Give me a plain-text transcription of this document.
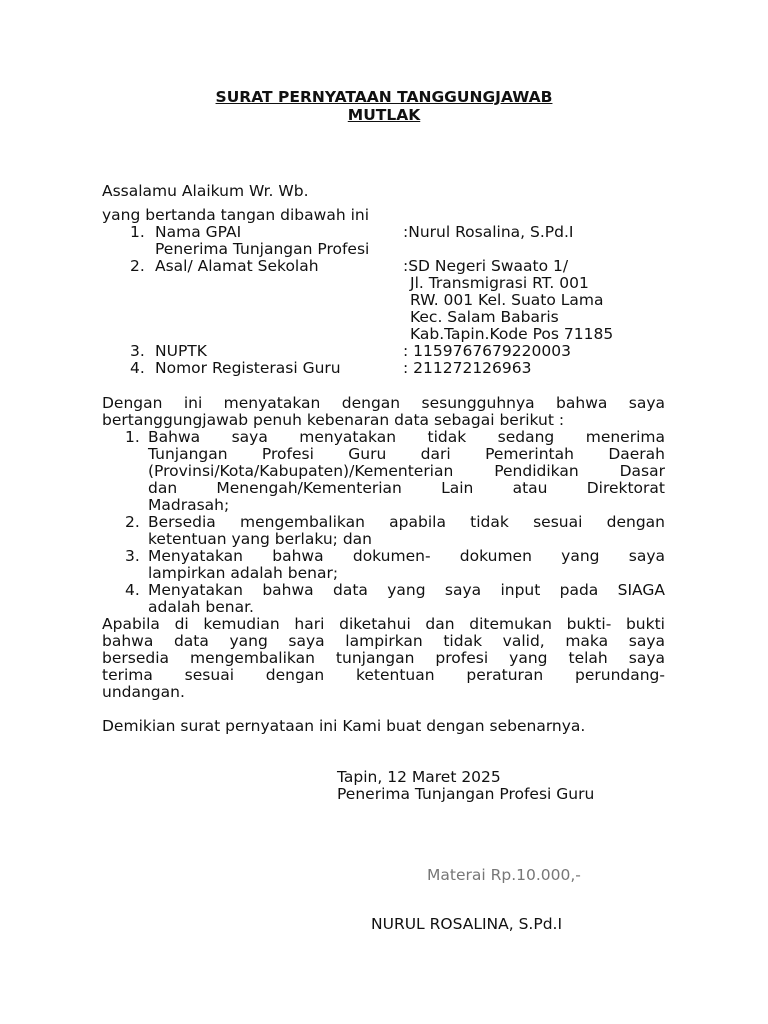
SURAT PERNYATAAN TANGGUNGJAWAB
MUTLAK
Assalamu Alaikum Wr. Wb.
yang bertanda tangan dibawah ini
1. Nama GPAI	:Nurul Rosalina, S.Pd.I
Penerima Tunjangan Profesi
2. Asal/ Alamat Sekolah	:SD Negeri Swaato 1/
Jl. Transmigrasi RT. 001
RW. 001 Kel. Suato Lama
Kec. Salam Babaris
Kab.Tapin.Kode Pos 71185
3. NUPTK	: 1159767679220003
4. Nomor Registerasi Guru	: 211272126963
Dengan ini menyatakan dengan sesungguhnya bahwa saya
bertanggungjawab penuh kebenaran data sebagai berikut :
1. Bahwa saya menyatakan tidak sedang menerima
Tunjangan Profesi Guru dari Pemerintah Daerah
(Provinsi/Kota/Kabupaten)/Kementerian Pendidikan Dasar
dan Menengah/Kementerian Lain atau Direktorat
Madrasah;
2. Bersedia mengembalikan apabila tidak sesuai dengan
ketentuan yang berlaku; dan
3. Menyatakan bahwa dokumen- dokumen yang saya
lampirkan adalah benar;
4. Menyatakan bahwa data yang saya input pada SIAGA
adalah benar.
Apabila di kemudian hari diketahui dan ditemukan bukti- bukti
bahwa data yang saya lampirkan tidak valid, maka saya
bersedia mengembalikan tunjangan profesi yang telah saya
terima sesuai dengan ketentuan peraturan perundang-
undangan.
Demikian surat pernyataan ini Kami buat dengan sebenarnya.
Tapin, 12 Maret 2025
Penerima Tunjangan Profesi Guru
Materai Rp.10.000,-
NURUL ROSALINA, S.Pd.I
